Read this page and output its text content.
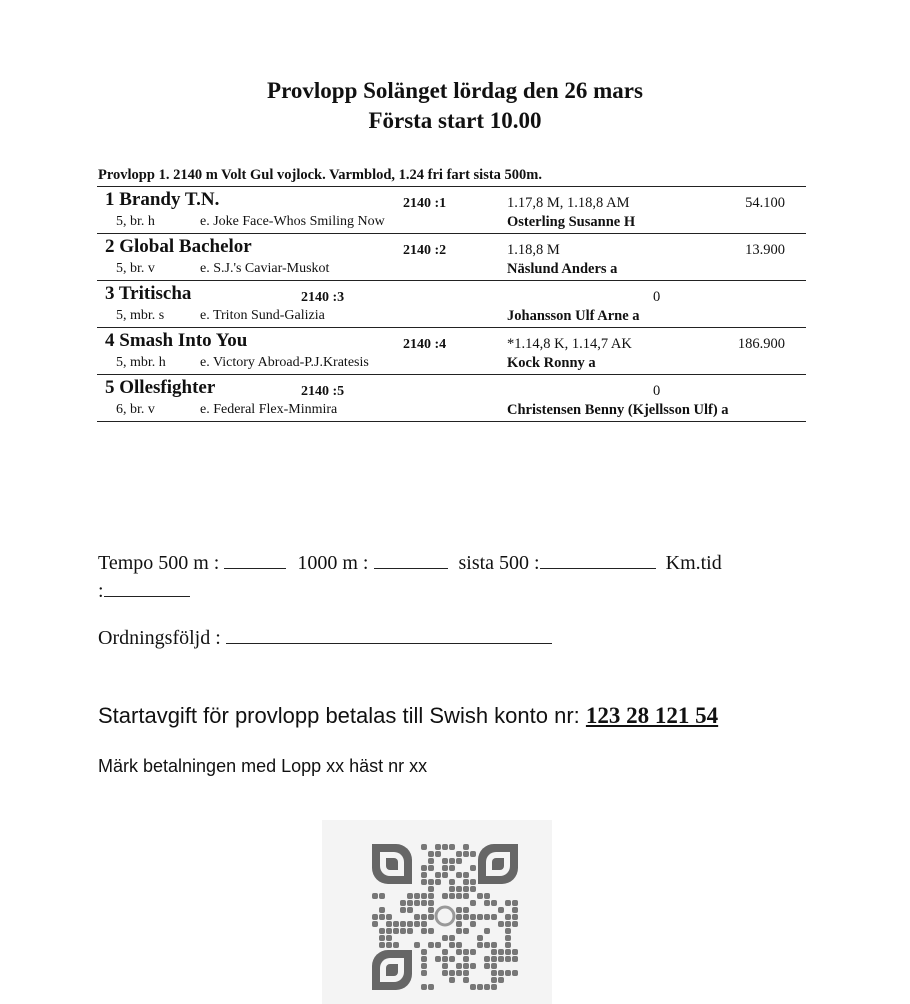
Provlopp Solänget lördag den 26 mars
Första start 10.00
Provlopp 1. 2140 m Volt Gul vojlock. Varmblod, 1.24 fri fart sista 500m.
1 Brandy T.N.	2140 :1	1.17,8 M, 1.18,8 AM	54.100
5, br. h	e. Joke Face-Whos Smiling Now	Osterling Susanne H
2 Global Bachelor	2140 :2	1.18,8 M	13.900
5, br. v	e. S.J.'s Caviar-Muskot	Näslund Anders a
3 Tritischa	2140 :3	0
5, mbr. s	e. Triton Sund-Galizia	Johansson Ulf Arne a
4 Smash Into You	2140 :4	*1.14,8 K, 1.14,7 AK	186.900
5, mbr. h e. Victory Abroad-P.J.Kratesis	Kock Ronny a
5 Ollesfighter	2140 :5	0
6, br. v	e. Federal Flex-Minmira	Christensen Benny (Kjellsson Ulf) a
Tempo 500 m :	1000 m :	sista 500 :	Km.tid
:
Ordningsföljd :
Startavgift för provlopp betalas till Swish konto nr: 123 28 121 54
Märk betalningen med Lopp xx häst nr xx
